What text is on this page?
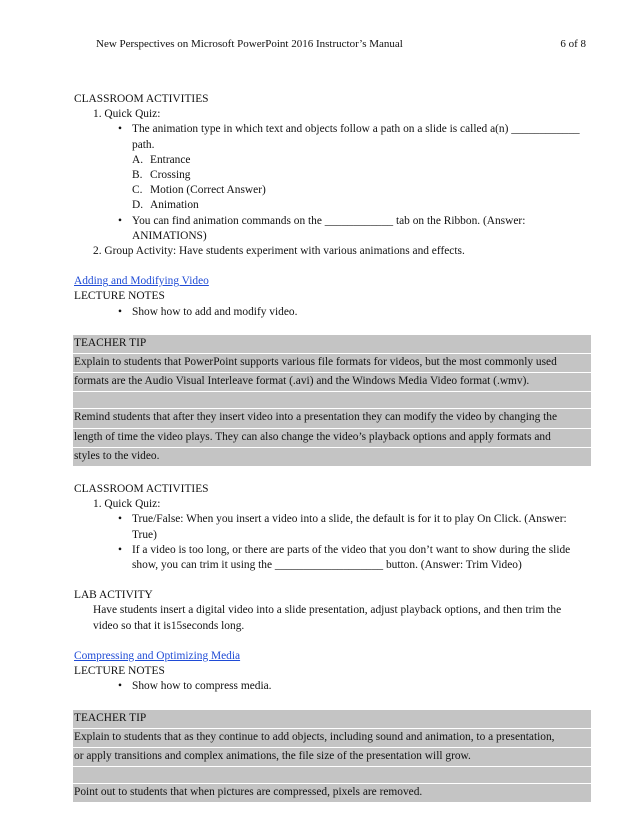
New Perspectives on Microsoft PowerPoint 2016 Instructor’s Manual	6 of 8
CLASSROOM ACTIVITIES
1. Quick Quiz:
• The animation type in which text and objects follow a path on a slide is called a(n) ____________
path.
A. Entrance
B. Crossing
C. Motion (Correct Answer)
D. Animation
• You can find animation commands on the ____________ tab on the Ribbon. (Answer:
ANIMATIONS)
2. Group Activity: Have students experiment with various animations and effects.
Adding and Modifying Video
LECTURE NOTES
• Show how to add and modify video.
TEACHER TIP
Explain to students that PowerPoint supports various file formats for videos, but the most commonly used
formats are the Audio Visual Interleave format (.avi) and the Windows Media Video format (.wmv).
Remind students that after they insert video into a presentation they can modify the video by changing the
length of time the video plays. They can also change the video’s playback options and apply formats and
styles to the video.
CLASSROOM ACTIVITIES
1. Quick Quiz:
• True/False: When you insert a video into a slide, the default is for it to play On Click. (Answer:
True)
• If a video is too long, or there are parts of the video that you don’t want to show during the slide
show, you can trim it using the ___________________ button. (Answer: Trim Video)
LAB ACTIVITY
Have students insert a digital video into a slide presentation, adjust playback options, and then trim the
video so that it is15seconds long.
Compressing and Optimizing Media
LECTURE NOTES
• Show how to compress media.
TEACHER TIP
Explain to students that as they continue to add objects, including sound and animation, to a presentation,
or apply transitions and complex animations, the file size of the presentation will grow.
Point out to students that when pictures are compressed, pixels are removed.
